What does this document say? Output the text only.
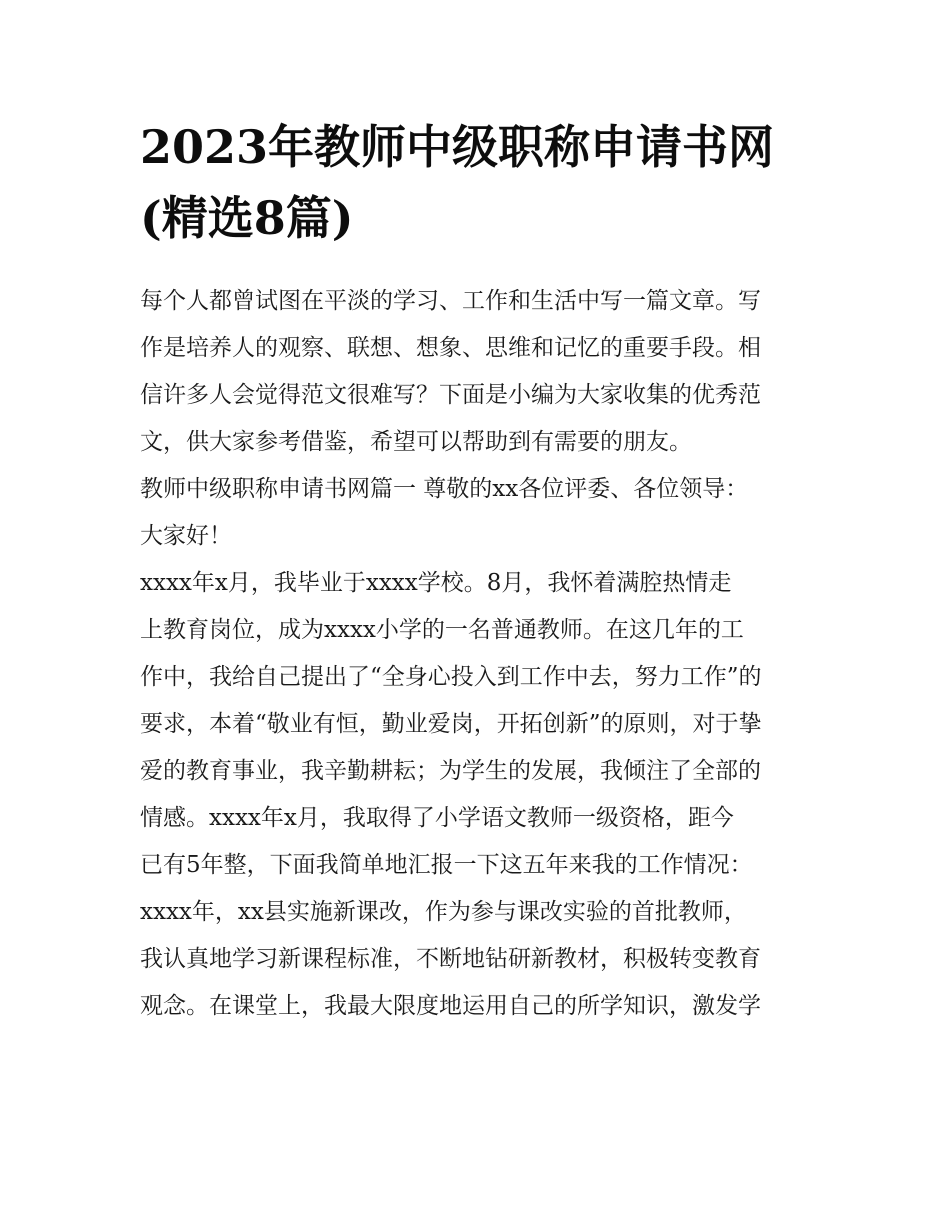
2023年教师中级职称申请书网
(精选8篇)
每个人都曾试图在平淡的学习、工作和生活中写一篇文章。写
作是培养人的观察、联想、想象、思维和记忆的重要手段。相
信许多人会觉得范文很难写？下面是小编为大家收集的优秀范
文，供大家参考借鉴，希望可以帮助到有需要的朋友。
教师中级职称申请书网篇一 尊敬的xx各位评委、各位领导：
大家好！
xxxx年x月，我毕业于xxxx学校。8月，我怀着满腔热情走
上教育岗位，成为xxxx小学的一名普通教师。在这几年的工
作中，我给自己提出了“全身心投入到工作中去，努力工作”的
要求，本着“敬业有恒，勤业爱岗，开拓创新”的原则，对于挚
爱的教育事业，我辛勤耕耘；为学生的发展，我倾注了全部的
情感。xxxx年x月，我取得了小学语文教师一级资格，距今
已有5年整，下面我简单地汇报一下这五年来我的工作情况：
xxxx年，xx县实施新课改，作为参与课改实验的首批教师，
我认真地学习新课程标准，不断地钻研新教材，积极转变教育
观念。在课堂上，我最大限度地运用自己的所学知识，激发学
